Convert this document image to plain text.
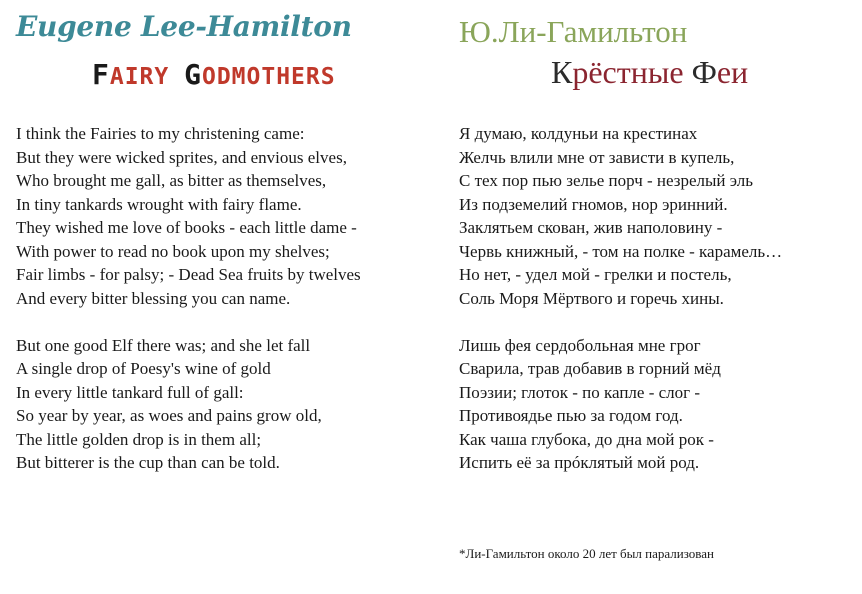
Eugene Lee-Hamilton
FAIRY GODMOTHERS
I think the Fairies to my christening came:
But they were wicked sprites, and envious elves,
Who brought me gall, as bitter as themselves,
In tiny tankards wrought with fairy flame.
They wished me love of books - each little dame -
With power to read no book upon my shelves;
Fair limbs - for palsy; - Dead Sea fruits by twelves
And every bitter blessing you can name.
But one good Elf there was; and she let fall
A single drop of Poesy's wine of gold
In every little tankard full of gall:
So year by year, as woes and pains grow old,
The little golden drop is in them all;
But bitterer is the cup than can be told.
Ю.Ли-Гамильтон
Крёстные Феи
Я думаю, колдуньи на крестинах
Желчь влили мне от зависти в купель,
С тех пор пью зелье порч - незрелый эль
Из подземелий гномов, нор эринний.
Заклятьем скован, жив наполовину -
Червь книжный, - том на полке - карамель…
Но нет, - удел мой - грелки и постель,
Соль Моря Мёртвого и горечь хины.
Лишь фея сердобольная мне грог
Сварила, трав добавив в горний мёд
Поэзии; глоток - по капле - слог -
Противоядье пью за годом год.
Как чаша глубока, до дна мой рок -
Испить её за прóклятый мой род.
*Ли-Гамильтон около 20 лет был парализован
